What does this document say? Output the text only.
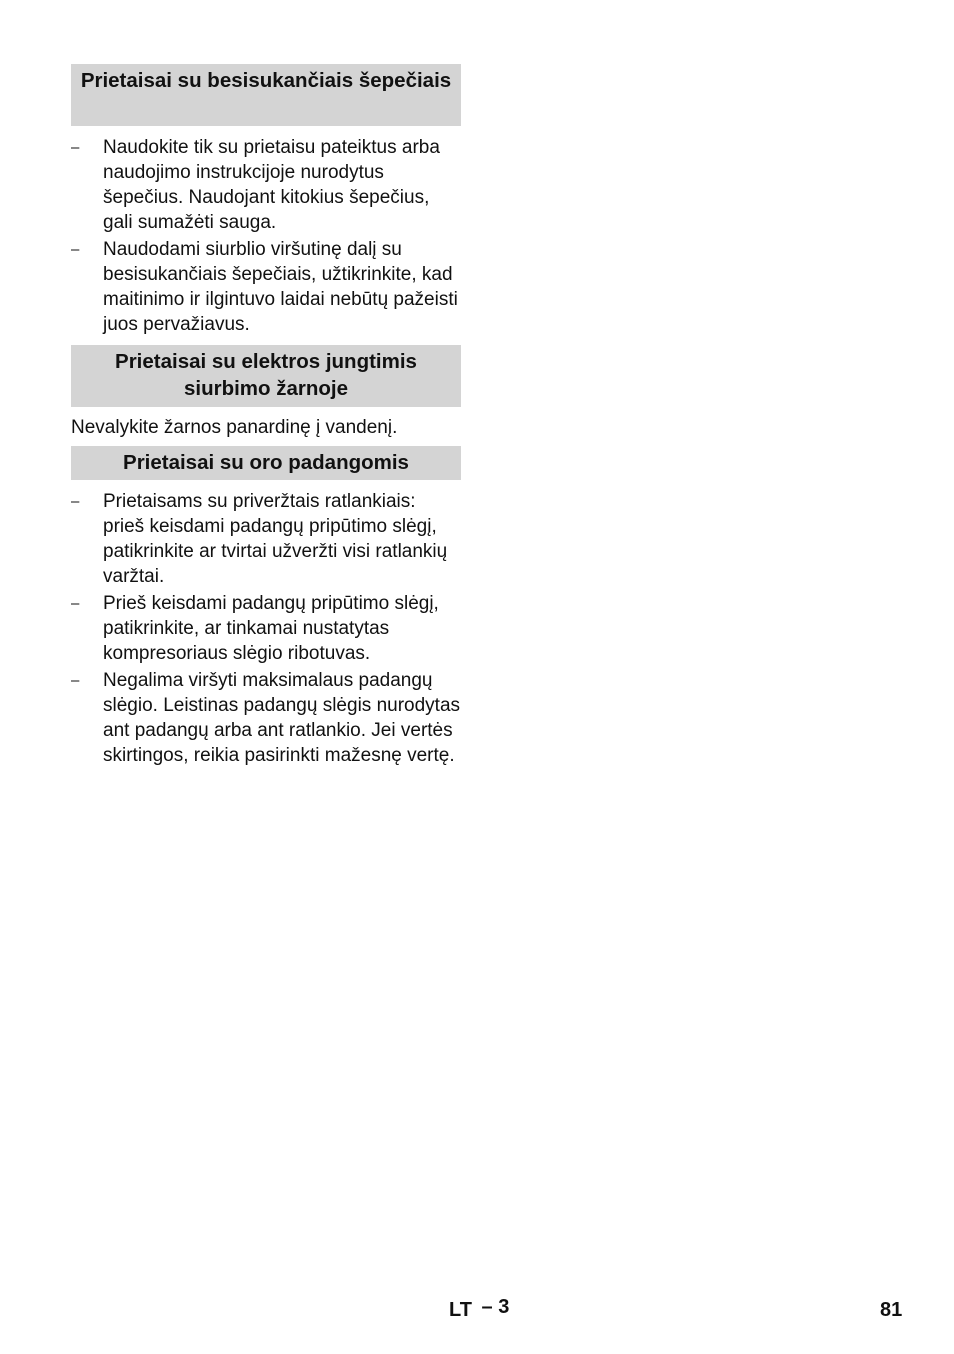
Prietaisai su besisukančiais šepečiais
– Naudokite tik su prietaisu pateiktus arba naudojimo instrukcijoje nurodytus šepečius. Naudojant kitokius šepečius, gali sumažėti sauga.
– Naudodami siurblio viršutinę dalį su besisukančiais šepečiais, užtikrinkite, kad maitinimo ir ilgintuvo laidai nebūtų pažeisti juos pervažiavus.
Prietaisai su elektros jungtimis siurbimo žarnoje

Nevalykite žarnos panardinę į vandenį.

Prietaisai su oro padangomis
– Prietaisams su priveržtais ratlankiais: prieš keisdami padangų pripūtimo slėgį, patikrinkite ar tvirtai užveržti visi ratlankių varžtai.
– Prieš keisdami padangų pripūtimo slėgį, patikrinkite, ar tinkamai nustatytas kompresoriaus slėgio ribotuvas.
– Negalima viršyti maksimalaus padangų slėgio. Leistinas padangų slėgis nurodytas ant padangų arba ant ratlankio. Jei vertės skirtingos, reikia pasirinkti mažesnę vertę.
LT – 3	81
